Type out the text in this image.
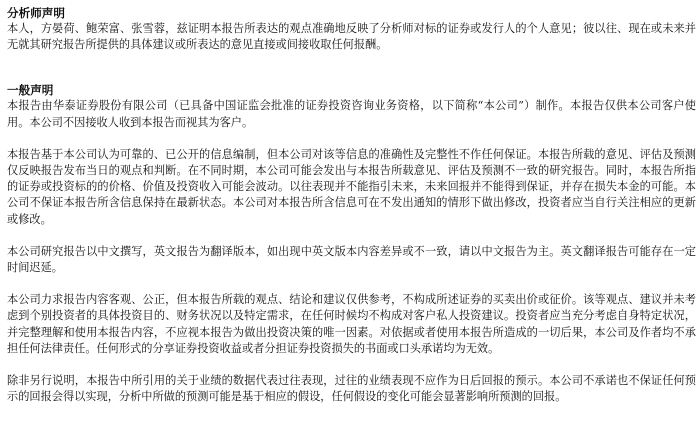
分析师声明

本人，方晏荷、鲍荣富、张雪蓉，兹证明本报告所表达的观点准确地反映了分析师对标的证券或发行人的个人意见；彼以往、现在或未来并无就其研究报告所提供的具体建议或所表达的意见直接或间接收取任何报酬。

一般声明

本报告由华泰证券股份有限公司（已具备中国证监会批准的证券投资咨询业务资格，以下简称“本公司”）制作。本报告仅供本公司客户使用。本公司不因接收人收到本报告而视其为客户。

本报告基于本公司认为可靠的、已公开的信息编制，但本公司对该等信息的准确性及完整性不作任何保证。本报告所载的意见、评估及预测仅反映报告发布当日的观点和判断。在不同时期，本公司可能会发出与本报告所载意见、评估及预测不一致的研究报告。同时，本报告所指的证券或投资标的的价格、价值及投资收入可能会波动。以往表现并不能指引未来，未来回报并不能得到保证，并存在损失本金的可能。本公司不保证本报告所含信息保持在最新状态。本公司对本报告所含信息可在不发出通知的情形下做出修改，投资者应当自行关注相应的更新或修改。

本公司研究报告以中文撰写，英文报告为翻译版本，如出现中英文版本内容差异或不一致，请以中文报告为主。英文翻译报告可能存在一定时间迟延。

本公司力求报告内容客观、公正，但本报告所载的观点、结论和建议仅供参考，不构成所述证券的买卖出价或征价。该等观点、建议并未考虑到个别投资者的具体投资目的、财务状况以及特定需求，在任何时候均不构成对客户私人投资建议。投资者应当充分考虑自身特定状况，并完整理解和使用本报告内容，不应视本报告为做出投资决策的唯一因素。对依据或者使用本报告所造成的一切后果，本公司及作者均不承担任何法律责任。任何形式的分享证券投资收益或者分担证券投资损失的书面或口头承诺均为无效。

除非另行说明，本报告中所引用的关于业绩的数据代表过往表现，过往的业绩表现不应作为日后回报的预示。本公司不承诺也不保证任何预示的回报会得以实现，分析中所做的预测可能是基于相应的假设，任何假设的变化可能会显著影响所预测的回报。
